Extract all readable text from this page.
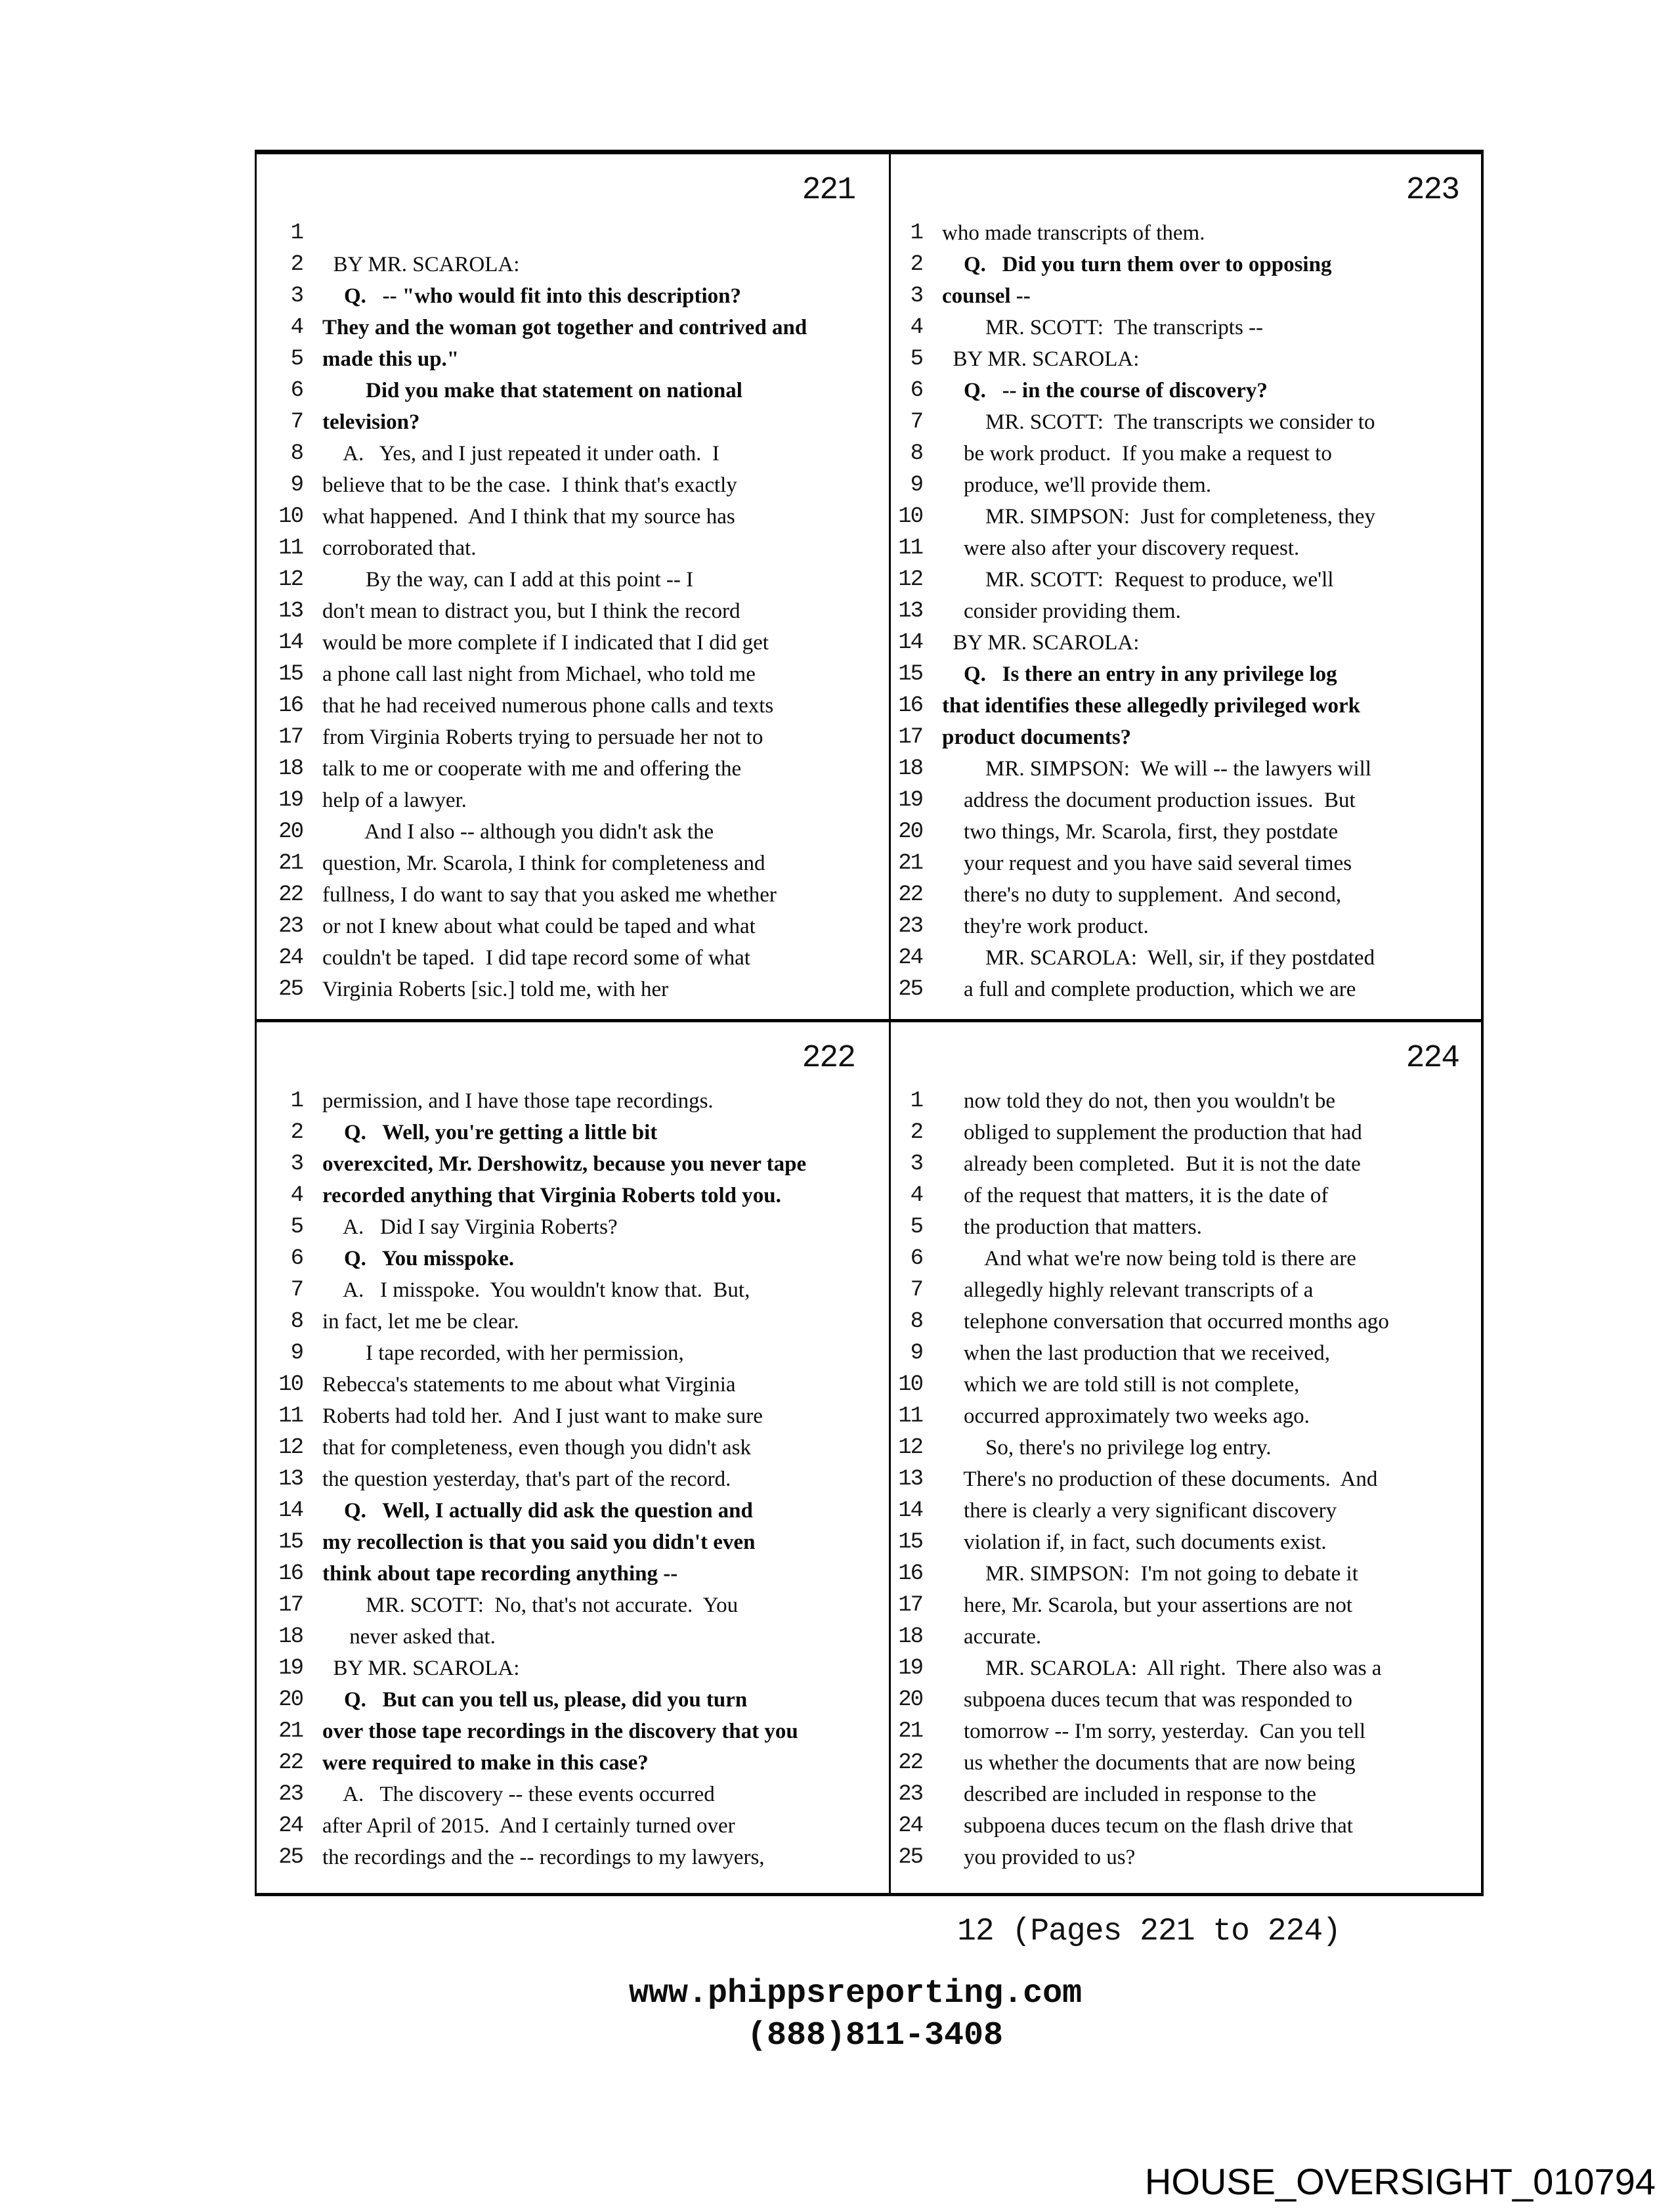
221
1
2 BY MR. SCAROLA:
3 Q.   -- "who would fit into this description?
4 They and the woman got together and contrived and
5 made this up."
6 Did you make that statement on national
7 television?
8 A.   Yes, and I just repeated it under oath.  I
9 believe that to be the case.  I think that's exactly
10 what happened.  And I think that my source has
11 corroborated that.
12 By the way, can I add at this point -- I
13 don't mean to distract you, but I think the record
14 would be more complete if I indicated that I did get
15 a phone call last night from Michael, who told me
16 that he had received numerous phone calls and texts
17 from Virginia Roberts trying to persuade her not to
18 talk to me or cooperate with me and offering the
19 help of a lawyer.
20 And I also -- although you didn't ask the
21 question, Mr. Scarola, I think for completeness and
22 fullness, I do want to say that you asked me whether
23 or not I knew about what could be taped and what
24 couldn't be taped.  I did tape record some of what
25 Virginia Roberts [sic.] told me, with her
223
1 who made transcripts of them.
2 Q.   Did you turn them over to opposing
3 counsel --
4 MR. SCOTT:  The transcripts --
5 BY MR. SCAROLA:
6 Q.   -- in the course of discovery?
7 MR. SCOTT:  The transcripts we consider to
8 be work product.  If you make a request to
9 produce, we'll provide them.
10 MR. SIMPSON:  Just for completeness, they
11 were also after your discovery request.
12 MR. SCOTT:  Request to produce, we'll
13 consider providing them.
14 BY MR. SCAROLA:
15 Q.   Is there an entry in any privilege log
16 that identifies these allegedly privileged work
17 product documents?
18 MR. SIMPSON:  We will -- the lawyers will
19 address the document production issues.  But
20 two things, Mr. Scarola, first, they postdate
21 your request and you have said several times
22 there's no duty to supplement.  And second,
23 they're work product.
24 MR. SCAROLA:  Well, sir, if they postdated
25 a full and complete production, which we are
222
1 permission, and I have those tape recordings.
2 Q.   Well, you're getting a little bit
3 overexcited, Mr. Dershowitz, because you never tape
4 recorded anything that Virginia Roberts told you.
5 A.   Did I say Virginia Roberts?
6 Q.   You misspoke.
7 A.   I misspoke.  You wouldn't know that.  But,
8 in fact, let me be clear.
9 I tape recorded, with her permission,
10 Rebecca's statements to me about what Virginia
11 Roberts had told her.  And I just want to make sure
12 that for completeness, even though you didn't ask
13 the question yesterday, that's part of the record.
14 Q.   Well, I actually did ask the question and
15 my recollection is that you said you didn't even
16 think about tape recording anything --
17 MR. SCOTT:  No, that's not accurate.  You
18 never asked that.
19 BY MR. SCAROLA:
20 Q.   But can you tell us, please, did you turn
21 over those tape recordings in the discovery that you
22 were required to make in this case?
23 A.   The discovery -- these events occurred
24 after April of 2015.  And I certainly turned over
25 the recordings and the -- recordings to my lawyers,
224
1 now told they do not, then you wouldn't be
2 obliged to supplement the production that had
3 already been completed.  But it is not the date
4 of the request that matters, it is the date of
5 the production that matters.
6 And what we're now being told is there are
7 allegedly highly relevant transcripts of a
8 telephone conversation that occurred months ago
9 when the last production that we received,
10 which we are told still is not complete,
11 occurred approximately two weeks ago.
12 So, there's no privilege log entry.
13 There's no production of these documents.  And
14 there is clearly a very significant discovery
15 violation if, in fact, such documents exist.
16 MR. SIMPSON:  I'm not going to debate it
17 here, Mr. Scarola, but your assertions are not
18 accurate.
19 MR. SCAROLA:  All right.  There also was a
20 subpoena duces tecum that was responded to
21 tomorrow -- I'm sorry, yesterday.  Can you tell
22 us whether the documents that are now being
23 described are included in response to the
24 subpoena duces tecum on the flash drive that
25 you provided to us?
12 (Pages 221 to 224)
www.phippsreporting.com
(888)811-3408
HOUSE_OVERSIGHT_010794
